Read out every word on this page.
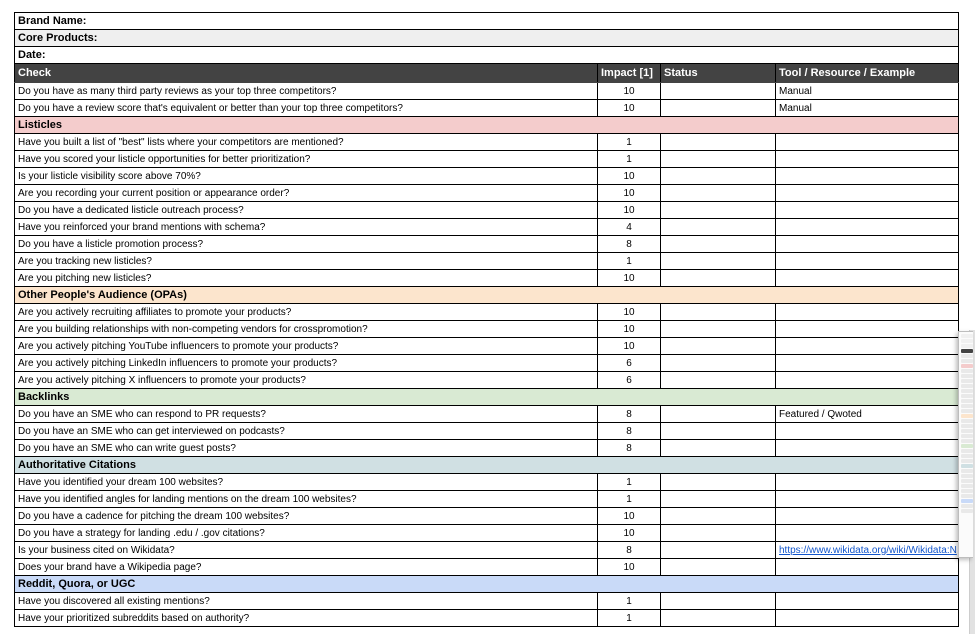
Brand Name:			
Core Products:			
Date:			
Check	Impact [1]	Status	Tool / Resource / Example
Do you have as many third party reviews as your top three competitors?	10		Manual
Do you have a review score that's equivalent or better than your top three competitors?	10		Manual
Listicles			
Have you built a list of "best" lists where your competitors are mentioned?	1		
Have you scored your listicle opportunities for better prioritization?	1		
Is your listicle visibility score above 70%?	10		
Are you recording your current position or appearance order?	10		
Do you have a dedicated listicle outreach process?	10		
Have you reinforced your brand mentions with schema?	4		
Do you have a listicle promotion process?	8		
Are you tracking new listicles?	1		
Are you pitching new listicles?	10		
Other People's Audience (OPAs)			
Are you actively recruiting affiliates to promote your products?	10		
Are you building relationships with non-competing vendors for crosspromotion?	10		
Are you actively pitching YouTube influencers to promote your products?	10		
Are you actively pitching LinkedIn influencers to promote your products?	6		
Are you actively pitching X influencers to promote your products?	6		
Backlinks			
Do you have an SME who can respond to PR requests?	8		Featured / Qwoted
Do you have an SME who can get interviewed on podcasts?	8		
Do you have an SME who can write guest posts?	8		
Authoritative Citations			
Have you identified your dream 100 websites?	1		
Have you identified angles for landing mentions on the dream 100 websites?	1		
Do you have a cadence for pitching the dream 100 websites?	10		
Do you have a strategy for landing .edu / .gov citations?	10		
Is your business cited on Wikidata?	8		https://www.wikidata.org/wiki/Wikidata:N
Does your brand have a Wikipedia page?	10		
Reddit, Quora, or UGC			
Have you discovered all existing mentions?	1		
Have your prioritized subreddits based on authority?	1		
